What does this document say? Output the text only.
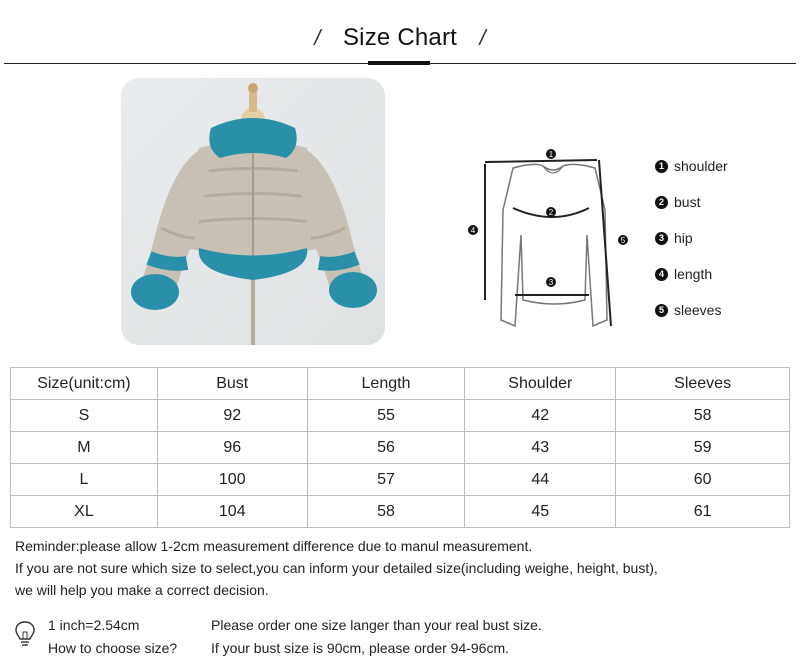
/ Size Chart /
1
2
3
4
5
1 shoulder
2 bust
3 hip
4 length
5 sleeves
Size(unit:cm)	Bust	Length	Shoulder	Sleeves
S	92	55	42	58
M	96	56	43	59
L	100	57	44	60
XL	104	58	45	61
Reminder:please allow 1-2cm measurement difference due to manul measurement.
If you are not sure which size to select,you can inform your detailed size(including weighe, height, bust),
we will help you make a correct decision.
1 inch=2.54cm
How to choose size?
Please order one size langer than your real bust size.
If your bust size is 90cm, please order 94-96cm.
